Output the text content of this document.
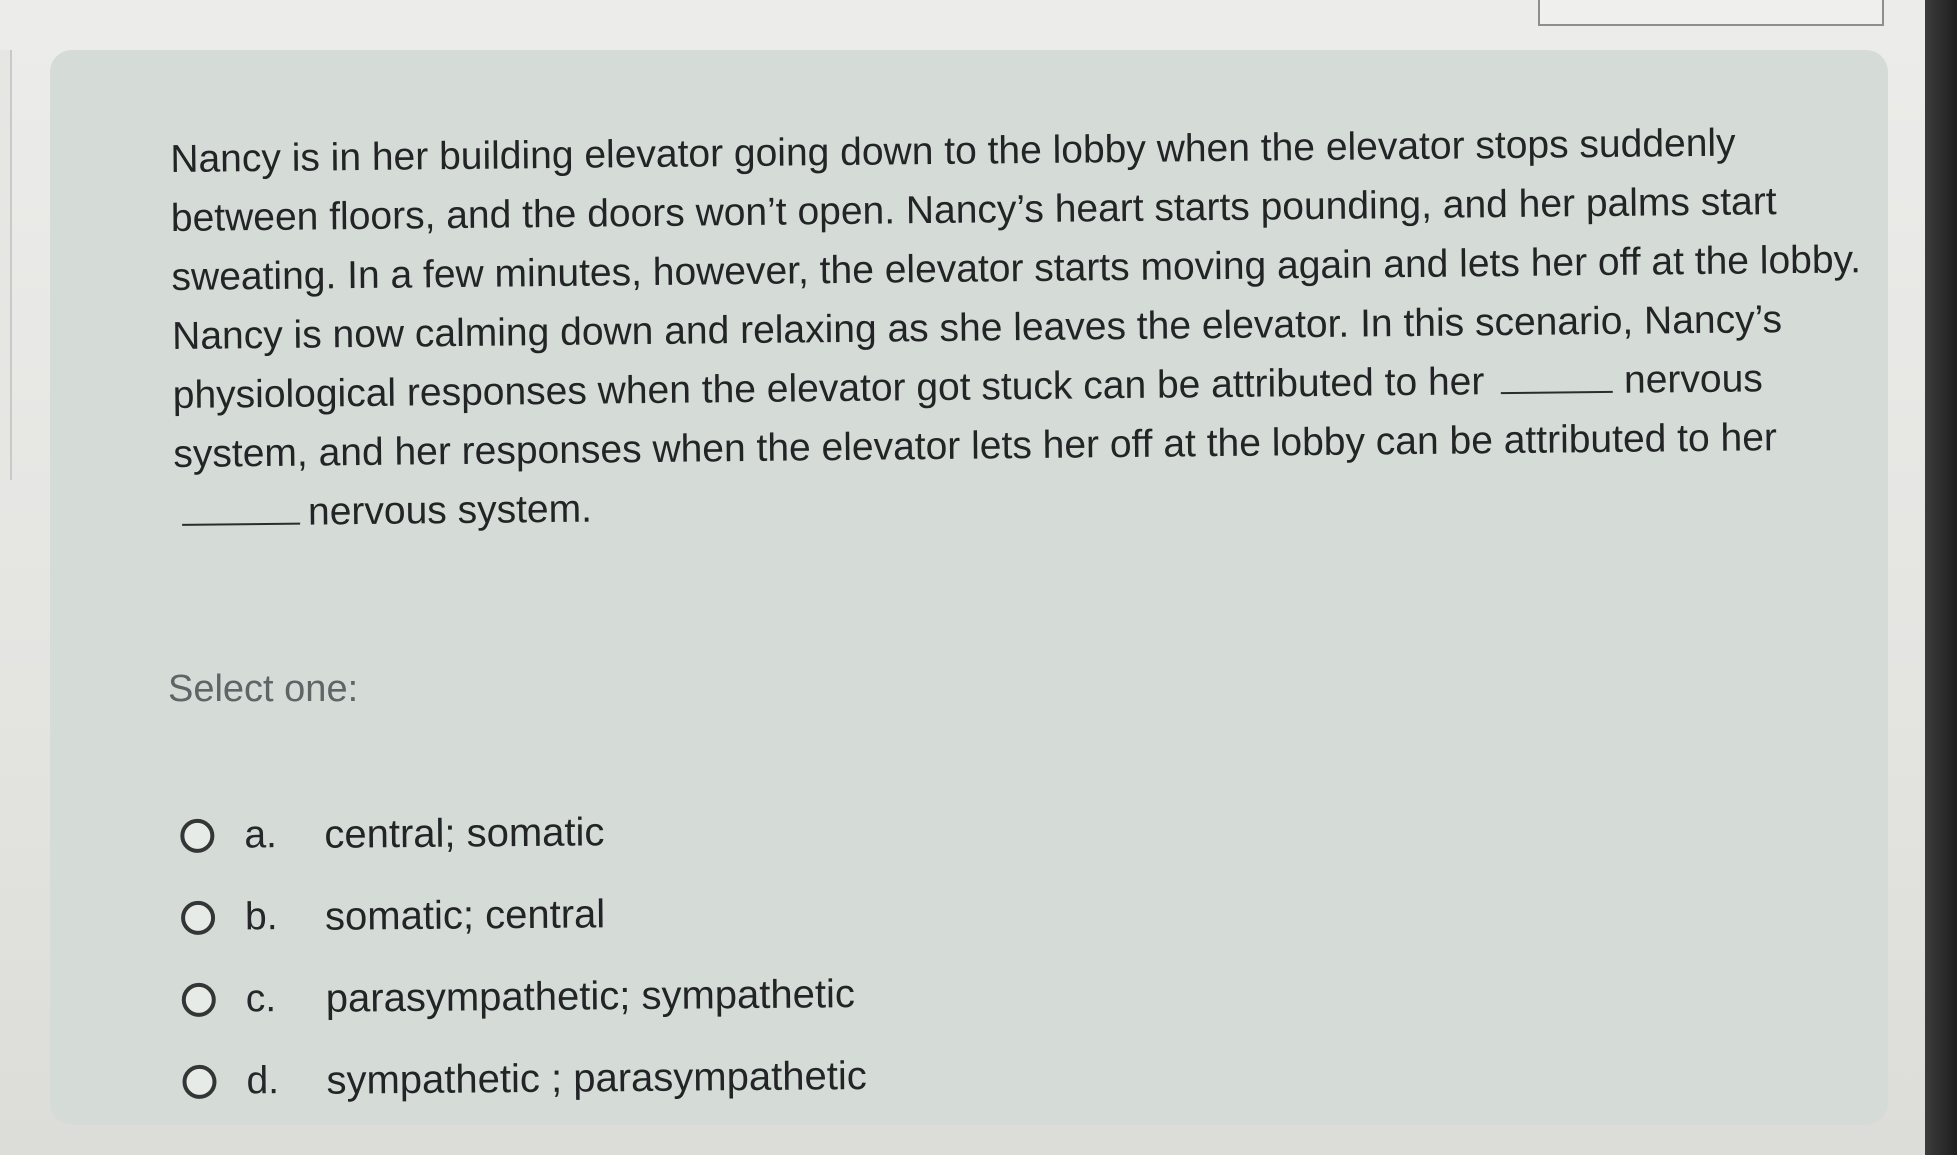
Nancy is in her building elevator going down to the lobby when the elevator stops suddenly between floors, and the doors won’t open. Nancy’s heart starts pounding, and her palms start sweating. In a few minutes, however, the elevator starts moving again and lets her off at the lobby. Nancy is now calming down and relaxing as she leaves the elevator. In this scenario, Nancy’s physiological responses when the elevator got stuck can be attributed to her	nervous system, and her responses when the elevator lets her off at the lobby can be attributed to hernervous system.

Select one:
a.	central; somatic
b.	somatic; central
c.	parasympathetic; sympathetic
d.	sympathetic ; parasympathetic
